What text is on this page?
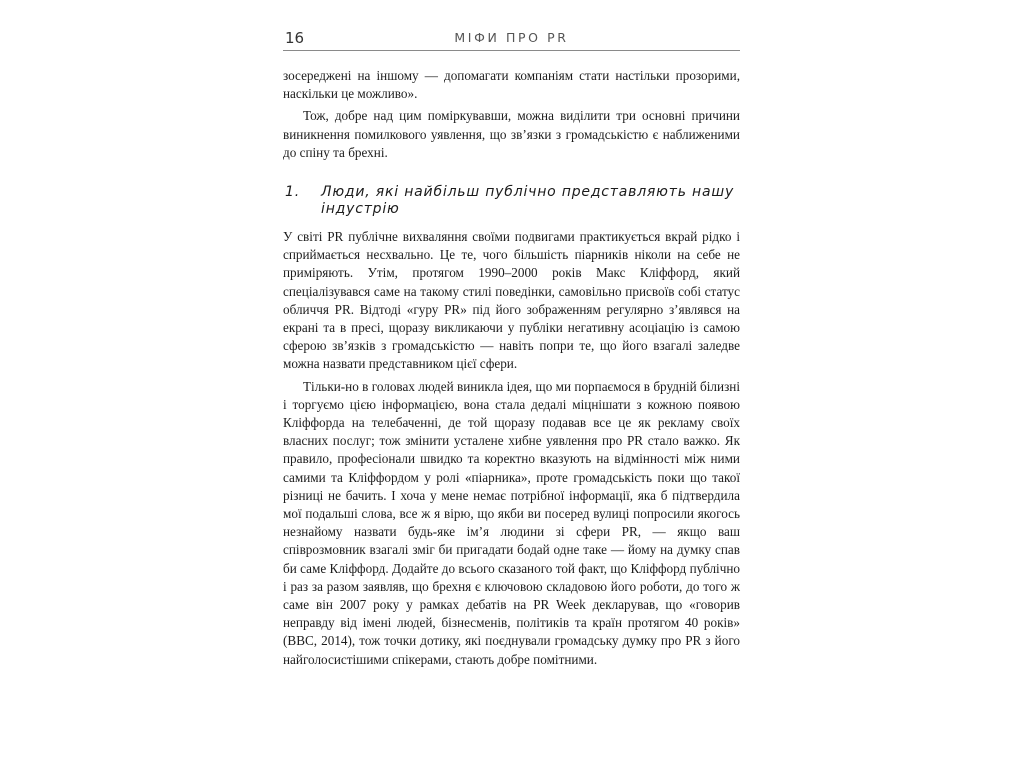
16	МІФИ ПРО PR

зосереджені на іншому — допомагати компаніям стати настільки прозорими, наскільки це можливо».

Тож, добре над цим поміркувавши, можна виділити три основні причини виникнення помилкового уявлення, що зв’язки з громадськістю є наближеними до спіну та брехні.

1.	Люди, які найбільш публічно представляють нашу індустрію

У світі PR публічне вихваляння своїми подвигами практикується вкрай рідко і сприймається несхвально. Це те, чого більшість піарників ніколи на себе не приміряють. Утім, протягом 1990–2000 років Макс Кліффорд, який спеціалізувався саме на такому стилі поведінки, самовільно присвоїв собі статус обличчя PR. Відтоді «гуру PR» під його зображенням регулярно з’являвся на екрані та в пресі, щоразу викликаючи у публіки негативну асоціацію із самою сферою зв’язків з громадськістю — навіть попри те, що його взагалі заледве можна назвати представником цієї сфери.

Тільки-но в головах людей виникла ідея, що ми порпаємося в брудній білизні і торгуємо цією інформацією, вона стала дедалі міцнішати з кожною появою Кліффорда на телебаченні, де той щоразу подавав все це як рекламу своїх власних послуг; тож змінити усталене хибне уявлення про PR стало важко. Як правило, професіонали швидко та коректно вказують на відмінності між ними самими та Кліффордом у ролі «піарника», проте громадськість поки що такої різниці не бачить. І хоча у мене немає потрібної інформації, яка б підтвердила мої подальші слова, все ж я вірю, що якби ви посеред вулиці попросили якогось незнайому назвати будь-яке ім’я людини зі сфери PR, — якщо ваш співрозмовник взагалі зміг би пригадати бодай одне таке — йому на думку спав би саме Кліффорд. Додайте до всього сказаного той факт, що Кліффорд публічно і раз за разом заявляв, що брехня є ключовою складовою його роботи, до того ж саме він 2007 року у рамках дебатів на PR Week декларував, що «говорив неправду від імені людей, бізнесменів, політиків та країн протягом 40 років» (BBC, 2014), тож точки дотику, які поєднували громадську думку про PR з його найголосистішими спікерами, стають добре помітними.
